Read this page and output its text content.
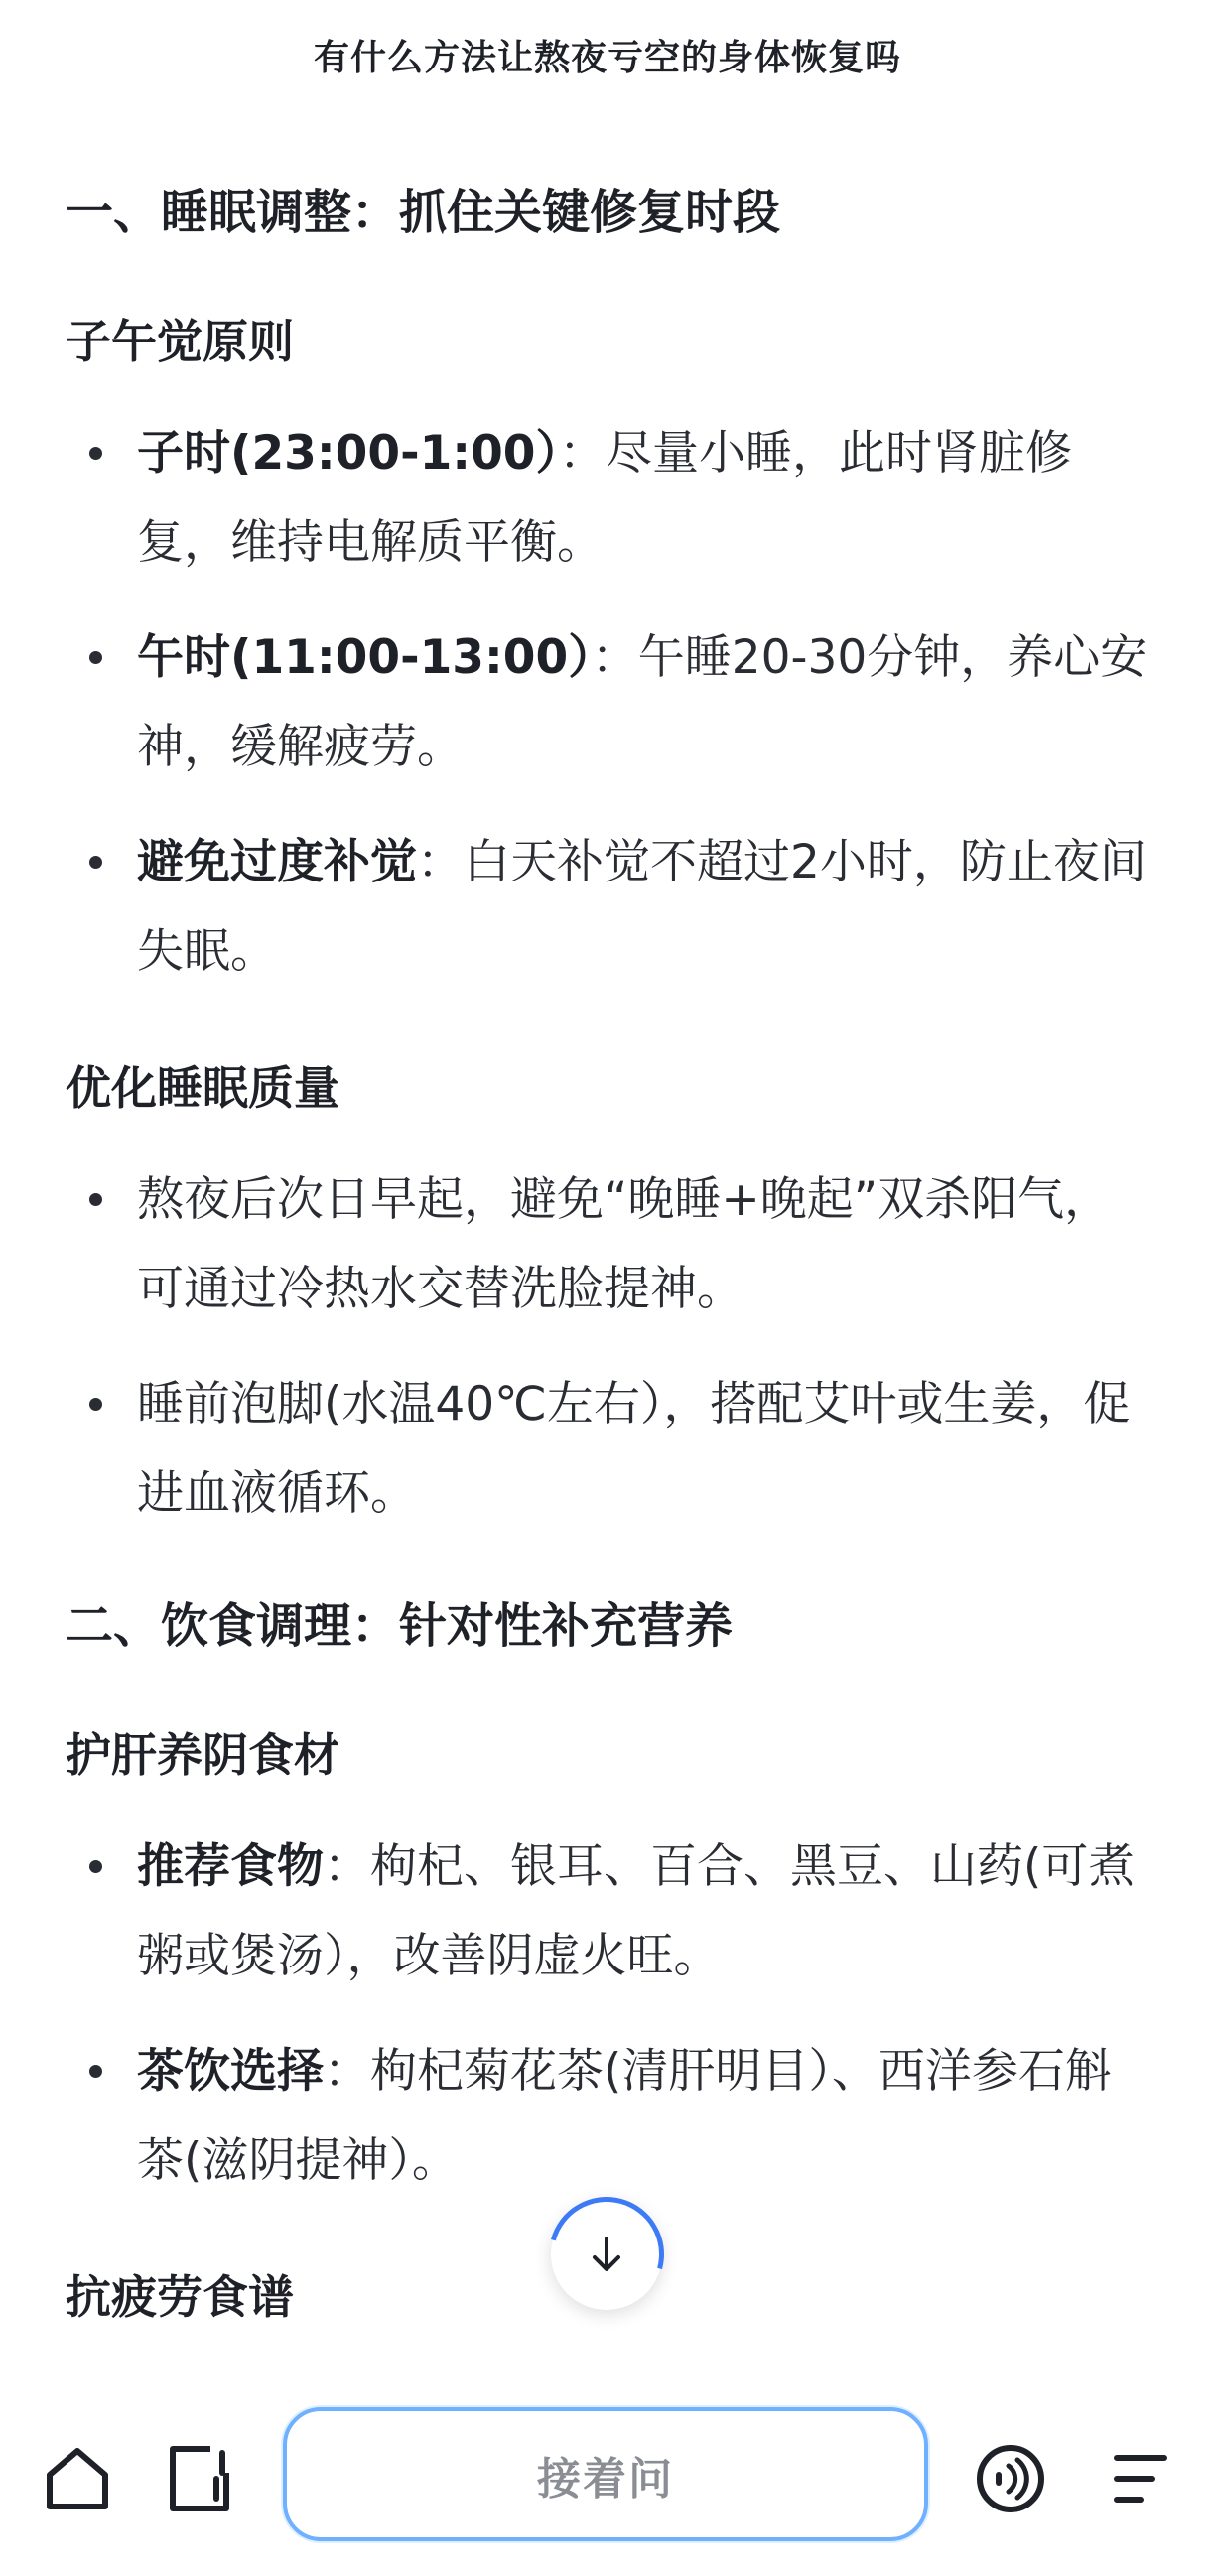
有什么方法让熬夜亏空的身体恢复吗
一、睡眠调整：抓住关键修复时段
子午觉原则
子时(23:00-1:00）：尽量小睡，此时肾脏修复，维持电解质平衡。
午时(11:00-13:00）：午睡20-30分钟，养心安神，缓解疲劳。
避免过度补觉：白天补觉不超过2小时，防止夜间失眠。
优化睡眠质量
熬夜后次日早起，避免“晚睡+晚起”双杀阳气，可通过冷热水交替洗脸提神。
睡前泡脚(水温40℃左右），搭配艾叶或生姜，促进血液循环。
二、饮食调理：针对性补充营养
护肝养阴食材
推荐食物：枸杞、银耳、百合、黑豆、山药(可煮粥或煲汤），改善阴虚火旺。
茶饮选择：枸杞菊花茶(清肝明目）、西洋参石斛茶(滋阴提神）。
抗疲劳食谱
接着问
